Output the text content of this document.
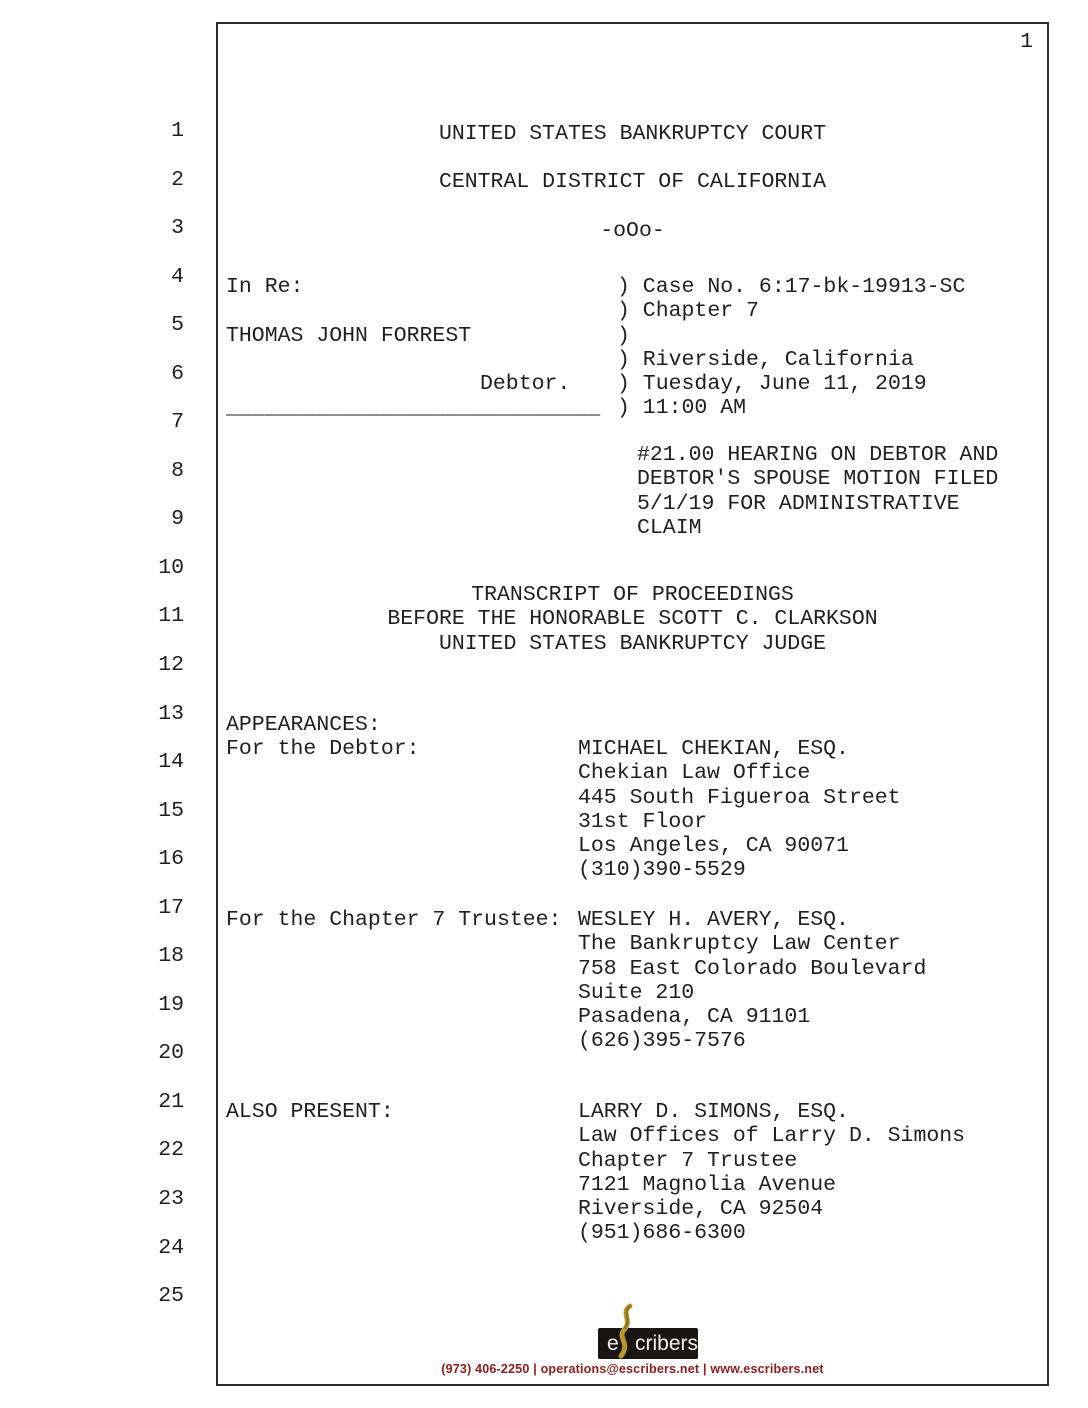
1
2
3
4
5
6
7
8
9
10
11
12
13
14
15
16
17
18
19
20
21
22
23
24
25
1
UNITED STATES BANKRUPTCY COURT
CENTRAL DISTRICT OF CALIFORNIA
-oOo-
In Re:
THOMAS JOHN FORREST
Debtor.
_____________________________
) Case No. 6:17-bk-19913-SC
) Chapter 7
)
) Riverside, California
) Tuesday, June 11, 2019
) 11:00 AM
#21.00 HEARING ON DEBTOR AND
DEBTOR'S SPOUSE MOTION FILED
5/1/19 FOR ADMINISTRATIVE
CLAIM
TRANSCRIPT OF PROCEEDINGS
BEFORE THE HONORABLE SCOTT C. CLARKSON
UNITED STATES BANKRUPTCY JUDGE
APPEARANCES:
For the Debtor:	MICHAEL CHEKIAN, ESQ.
Chekian Law Office
445 South Figueroa Street
31st Floor
Los Angeles, CA 90071
(310)390-5529
For the Chapter 7 Trustee: WESLEY H. AVERY, ESQ.
The Bankruptcy Law Center
758 East Colorado Boulevard
Suite 210
Pasadena, CA 91101
(626)395-7576
ALSO PRESENT:	LARRY D. SIMONS, ESQ.
Law Offices of Larry D. Simons
Chapter 7 Trustee
7121 Magnolia Avenue
Riverside, CA 92504
(951)686-6300
e cribers
(973) 406-2250 | operations@escribers.net | www.escribers.net
